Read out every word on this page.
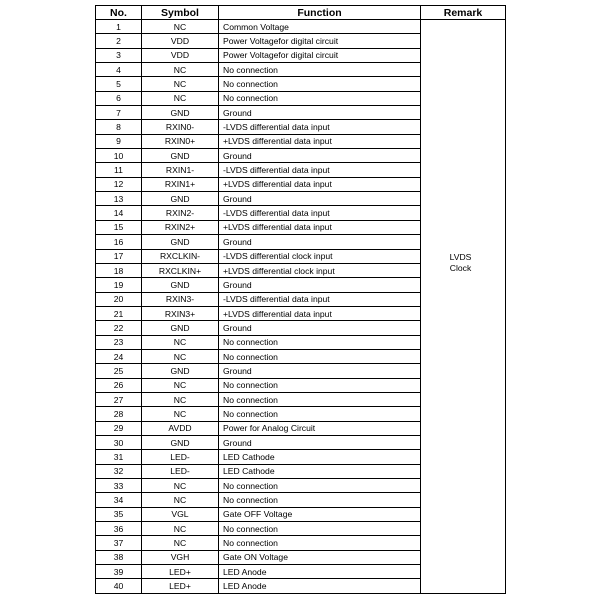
No.	Symbol	Function	Remark
1	NC	Common Voltage	
2	VDD	Power Voltagefor digital circuit	
3	VDD	Power Voltagefor digital circuit	
4	NC	No connection	
5	NC	No connection	
6	NC	No connection	
7	GND	Ground	
8	RXIN0-	-LVDS differential data input	
9	RXIN0+	+LVDS differential data input	
10	GND	Ground	
11	RXIN1-	-LVDS differential data input	
12	RXIN1+	+LVDS differential data input	
13	GND	Ground	
14	RXIN2-	-LVDS differential data input	
15	RXIN2+	+LVDS differential data input	
16	GND	Ground	
17	RXCLKIN-	-LVDS differential clock input	
18	RXCLKIN+	+LVDS differential clock input	
19	GND	Ground	
20	RXIN3-	-LVDS differential data input	
21	RXIN3+	+LVDS differential data input	
22	GND	Ground	
23	NC	No connection	
24	NC	No connection	
25	GND	Ground	
26	NC	No connection	
27	NC	No connection	
28	NC	No connection	
29	AVDD	Power for Analog Circuit	
30	GND	Ground	
31	LED-	LED Cathode	
32	LED-	LED Cathode	
33	NC	No connection	
34	NC	No connection	
35	VGL	Gate OFF Voltage	
36	NC	No connection	
37	NC	No connection	
38	VGH	Gate ON Voltage	
39	LED+	LED Anode	
40	LED+	LED Anode	
LVDS
Clock
